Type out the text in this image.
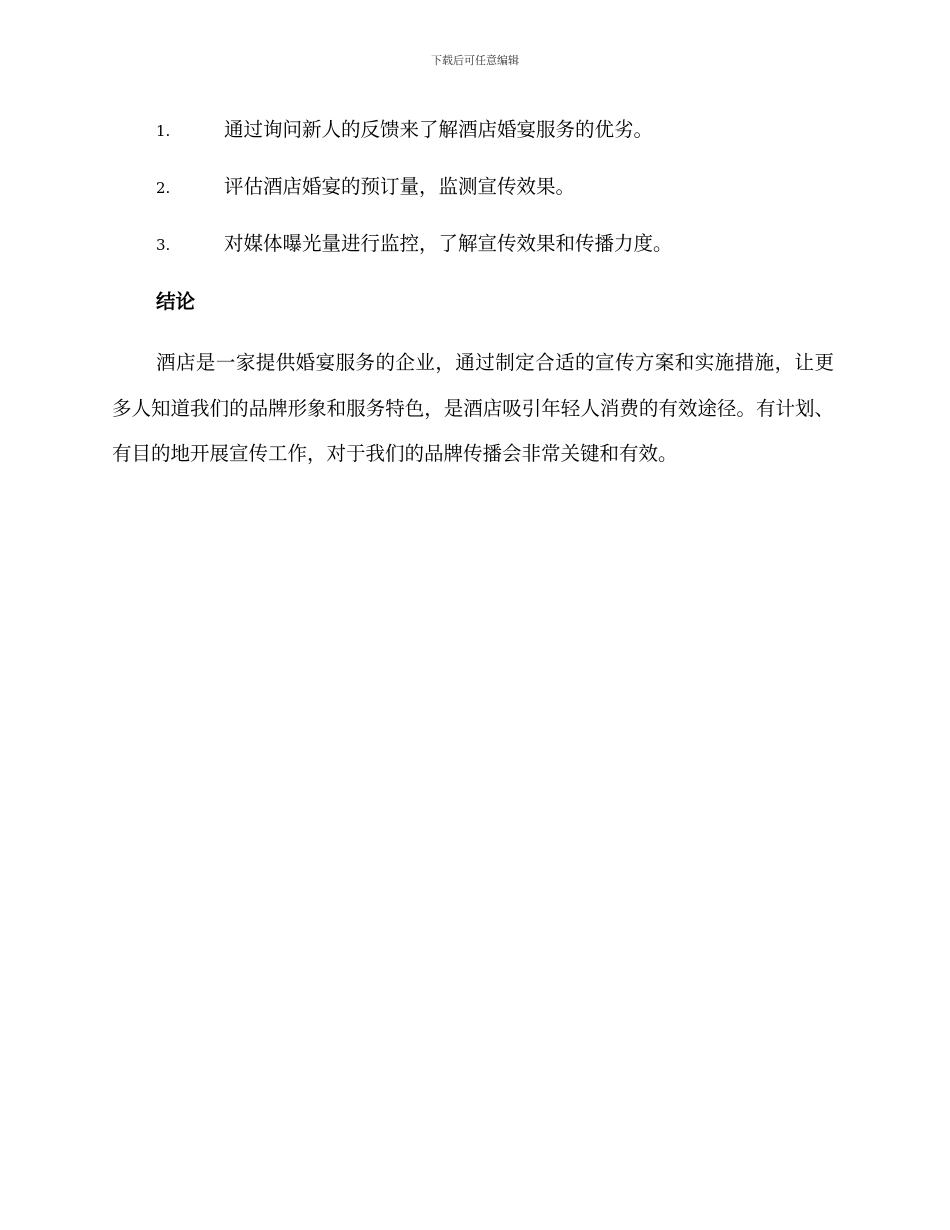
下载后可任意编辑
1.	通过询问新人的反馈来了解酒店婚宴服务的优劣。
2.	评估酒店婚宴的预订量，监测宣传效果。
3.	对媒体曝光量进行监控，了解宣传效果和传播力度。
结论

酒店是一家提供婚宴服务的企业，通过制定合适的宣传方案和实施措施，让更多人知道我们的品牌形象和服务特色，是酒店吸引年轻人消费的有效途径。有计划、有目的地开展宣传工作，对于我们的品牌传播会非常关键和有效。
